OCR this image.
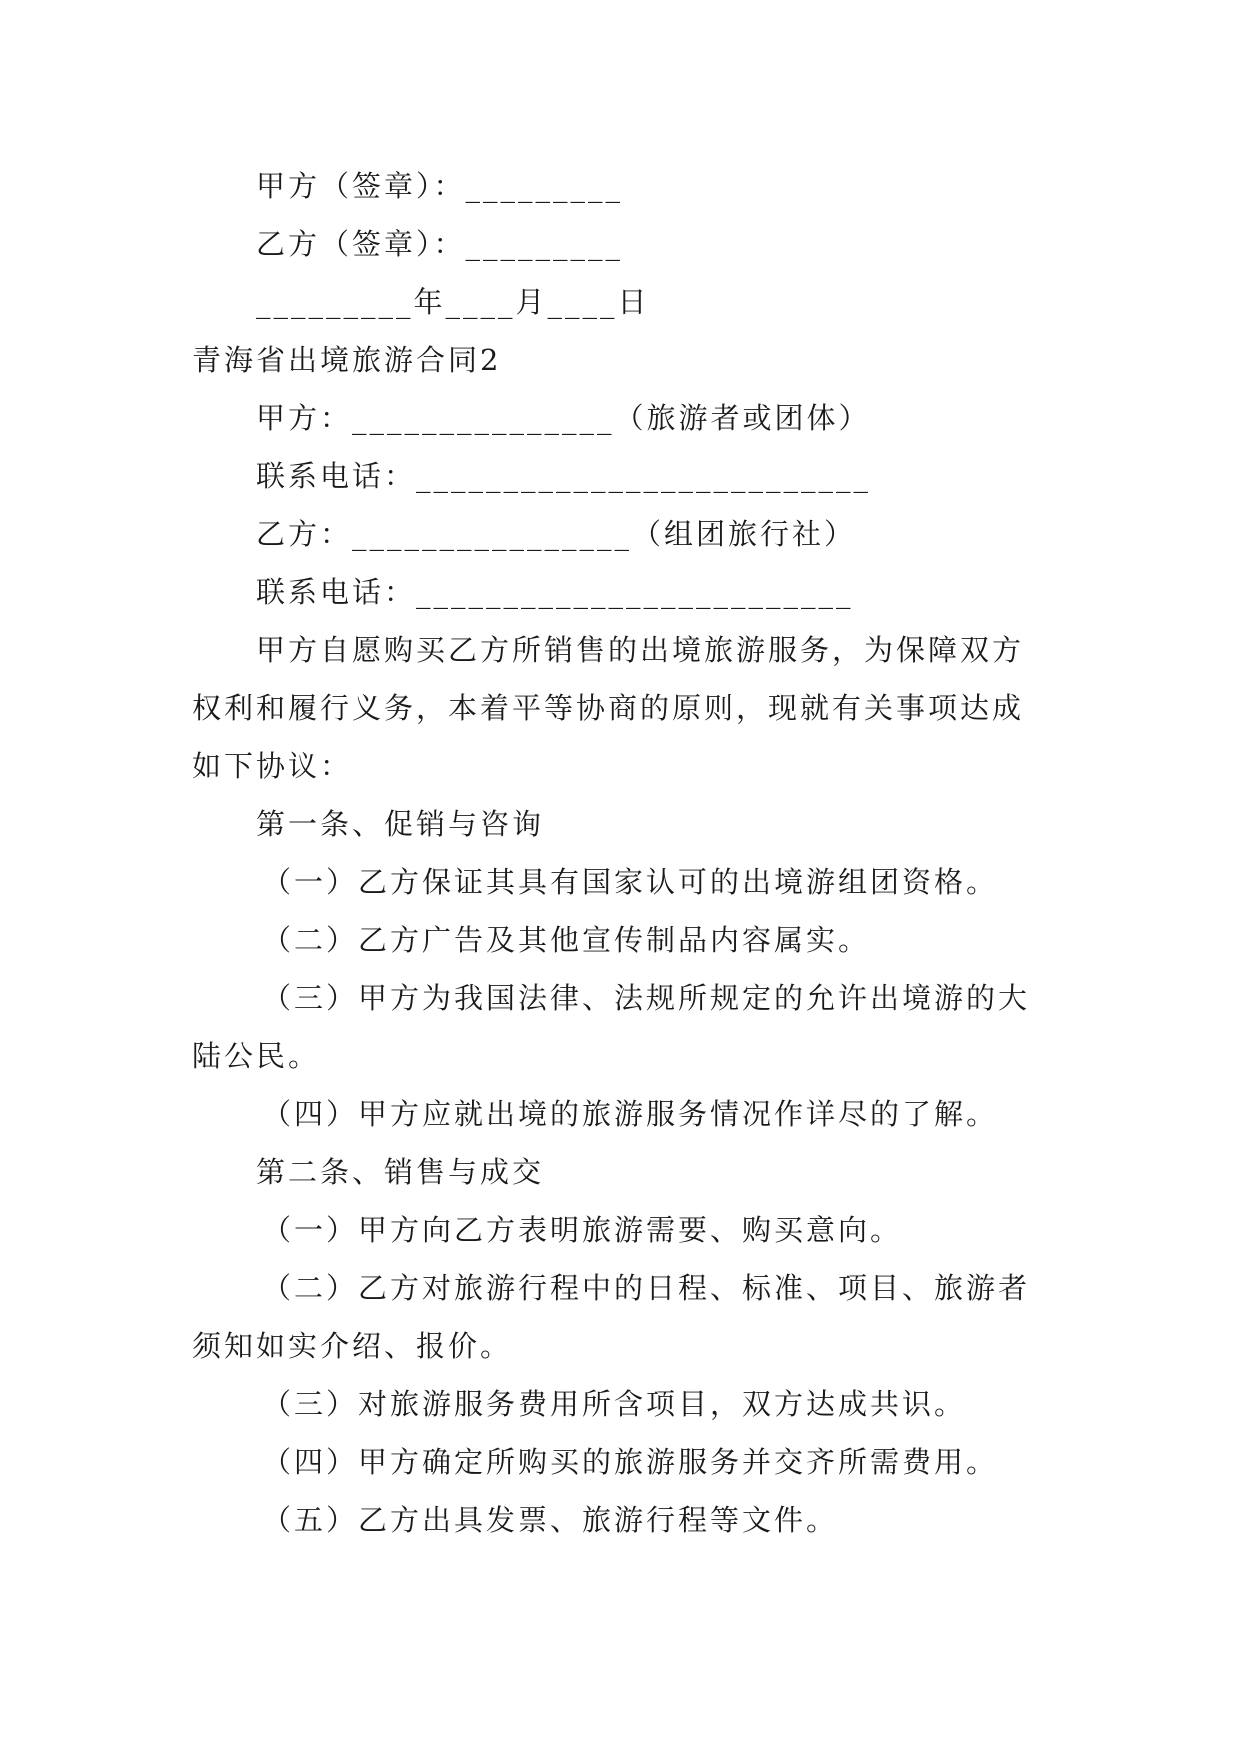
甲方（签章）：_________
乙方（签章）：_________
_________年____月____日
青海省出境旅游合同2
甲方：_______________（旅游者或团体）
联系电话：__________________________
乙方：________________（组团旅行社）
联系电话：_________________________
甲方自愿购买乙方所销售的出境旅游服务，为保障双方
权利和履行义务，本着平等协商的原则，现就有关事项达成
如下协议：
第一条、促销与咨询
（一）乙方保证其具有国家认可的出境游组团资格。
（二）乙方广告及其他宣传制品内容属实。
（三）甲方为我国法律、法规所规定的允许出境游的大
陆公民。
（四）甲方应就出境的旅游服务情况作详尽的了解。
第二条、销售与成交
（一）甲方向乙方表明旅游需要、购买意向。
（二）乙方对旅游行程中的日程、标准、项目、旅游者
须知如实介绍、报价。
（三）对旅游服务费用所含项目，双方达成共识。
（四）甲方确定所购买的旅游服务并交齐所需费用。
（五）乙方出具发票、旅游行程等文件。
